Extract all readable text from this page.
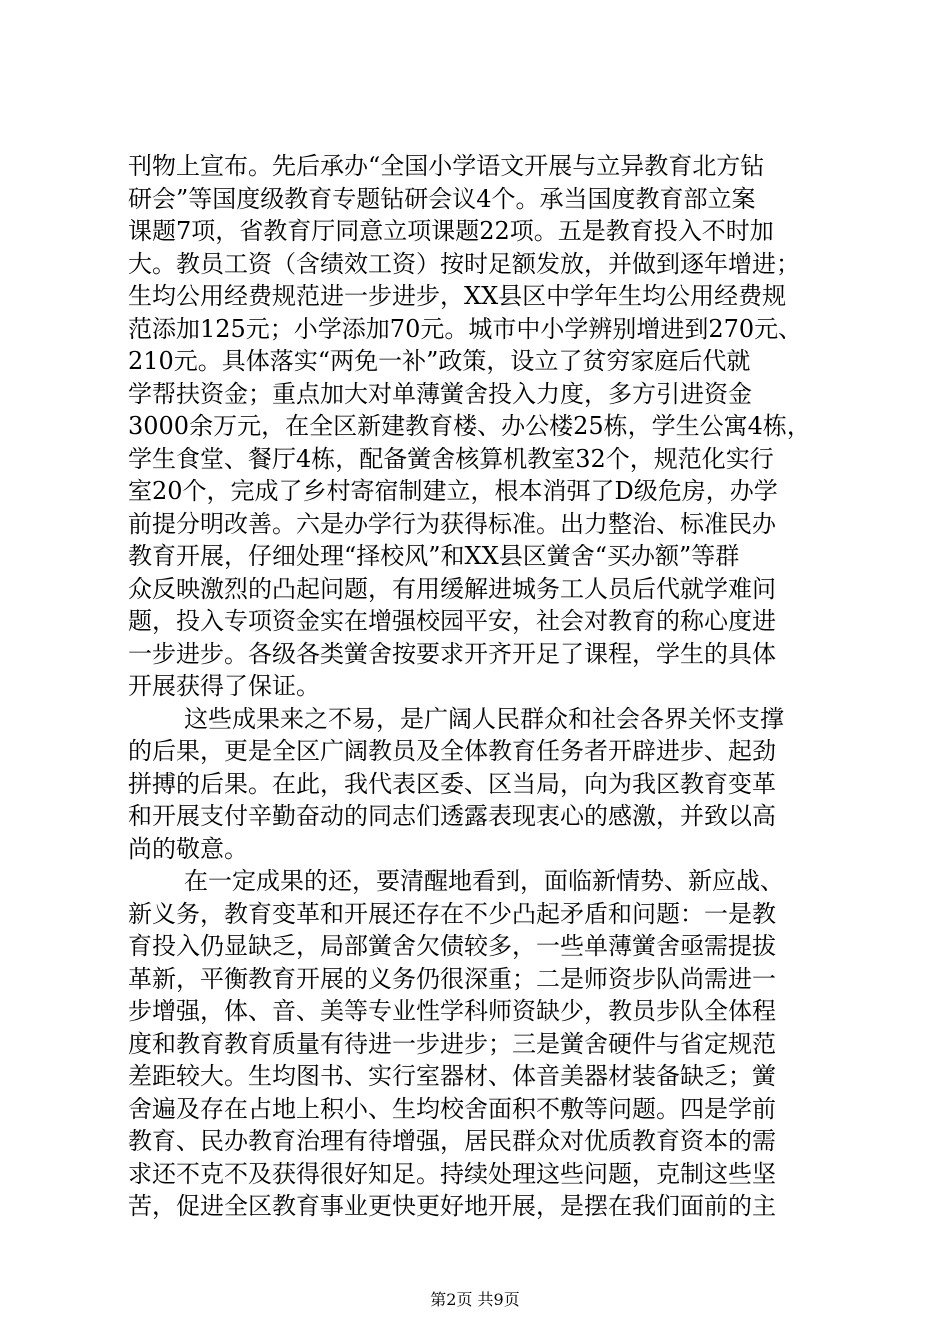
刊物上宣布。先后承办“全国小学语文开展与立异教育北方钻
研会”等国度级教育专题钻研会议4个。承当国度教育部立案
课题7项，省教育厅同意立项课题22项。五是教育投入不时加
大。教员工资（含绩效工资）按时足额发放，并做到逐年增进；
生均公用经费规范进一步进步，XX县区中学年生均公用经费规
范添加125元；小学添加70元。城市中小学辨别增进到270元、
210元。具体落实“两免一补”政策，设立了贫穷家庭后代就
学帮扶资金；重点加大对单薄黉舍投入力度，多方引进资金
3000余万元，在全区新建教育楼、办公楼25栋，学生公寓4栋，
学生食堂、餐厅4栋，配备黉舍核算机教室32个，规范化实行
室20个，完成了乡村寄宿制建立，根本消弭了D级危房，办学
前提分明改善。六是办学行为获得标准。出力整治、标准民办
教育开展，仔细处理“择校风”和XX县区黉舍“买办额”等群
众反映激烈的凸起问题，有用缓解进城务工人员后代就学难问
题，投入专项资金实在增强校园平安，社会对教育的称心度进
一步进步。各级各类黉舍按要求开齐开足了课程，学生的具体
开展获得了保证。
这些成果来之不易，是广阔人民群众和社会各界关怀支撑
的后果，更是全区广阔教员及全体教育任务者开辟进步、起劲
拼搏的后果。在此，我代表区委、区当局，向为我区教育变革
和开展支付辛勤奋动的同志们透露表现衷心的感激，并致以高
尚的敬意。
在一定成果的还，要清醒地看到，面临新情势、新应战、
新义务，教育变革和开展还存在不少凸起矛盾和问题：一是教
育投入仍显缺乏，局部黉舍欠债较多，一些单薄黉舍亟需提拔
革新，平衡教育开展的义务仍很深重；二是师资步队尚需进一
步增强，体、音、美等专业性学科师资缺少，教员步队全体程
度和教育教育质量有待进一步进步；三是黉舍硬件与省定规范
差距较大。生均图书、实行室器材、体音美器材装备缺乏；黉
舍遍及存在占地上积小、生均校舍面积不敷等问题。四是学前
教育、民办教育治理有待增强，居民群众对优质教育资本的需
求还不克不及获得很好知足。持续处理这些问题，克制这些坚
苦，促进全区教育事业更快更好地开展，是摆在我们面前的主
第2页 共9页
